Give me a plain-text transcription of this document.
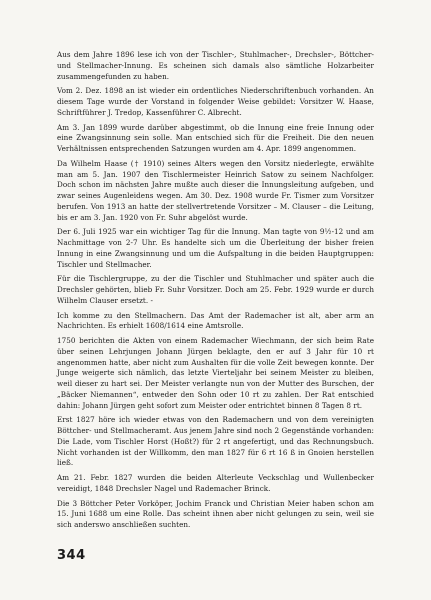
Aus dem Jahre 1896 lese ich von der Tischler-, Stuhlmacher-, Drechsler-, Böttcher- und Stellmacher-Innung. Es scheinen sich damals also sämtliche Holzarbeiter zusammengefunden zu haben.

Vom 2. Dez. 1898 an ist wieder ein ordentliches Niederschriftenbuch vorhanden. An diesem Tage wurde der Vorstand in folgender Weise gebildet: Vorsitzer W. Haase, Schriftführer J. Tredop, Kassenführer C. Albrecht.

Am 3. Jan 1899 wurde darüber abgestimmt, ob die Innung eine freie Innung oder eine Zwangsinnung sein solle. Man entschied sich für die Freiheit. Die den neuen Verhältnissen entsprechenden Satzungen wurden am 4. Apr. 1899 angenommen.

Da Wilhelm Haase († 1910) seines Alters wegen den Vorsitz niederlegte, erwählte man am 5. Jan. 1907 den Tischlermeister Heinrich Satow zu seinem Nachfolger. Doch schon im nächsten Jahre mußte auch dieser die Innungsleitung aufgeben, und zwar seines Augenleidens wegen. Am 30. Dez. 1908 wurde Fr. Tismer zum Vorsitzer berufen. Von 1913 an hatte der stellvertretende Vorsitzer – M. Clauser – die Leitung, bis er am 3. Jan. 1920 von Fr. Suhr abgelöst wurde.

Der 6. Juli 1925 war ein wichtiger Tag für die Innung. Man tagte von 9½-12 und am Nachmittage von 2-7 Uhr. Es handelte sich um die Überleitung der bisher freien Innung in eine Zwangsinnung und um die Aufspaltung in die beiden Hauptgruppen: Tischler und Stellmacher.

Für die Tischlergruppe, zu der die Tischler und Stuhlmacher und später auch die Drechsler gehörten, blieb Fr. Suhr Vorsitzer. Doch am 25. Febr. 1929 wurde er durch Wilhelm Clauser ersetzt. -

Ich komme zu den Stellmachern. Das Amt der Rademacher ist alt, aber arm an Nachrichten. Es erhielt 1608/1614 eine Amtsrolle.

1750 berichten die Akten von einem Rademacher Wiechmann, der sich beim Rate über seinen Lehrjungen Johann Jürgen beklagte, den er auf 3 Jahr für 10 rt angenommen hatte, aber nicht zum Aushalten für die volle Zeit bewegen konnte. Der Junge weigerte sich nämlich, das letzte Vierteljahr bei seinem Meister zu bleiben, weil dieser zu hart sei. Der Meister verlangte nun von der Mutter des Burschen, der „Bäcker Niemannen“, entweder den Sohn oder 10 rt zu zahlen. Der Rat entschied dahin: Johann Jürgen geht sofort zum Meister oder entrichtet binnen 8 Tagen 8 rt.

Erst 1827 höre ich wieder etwas von den Rademachern und von dem vereinigten Böttcher- und Stellmacheramt. Aus jenem Jahre sind noch 2 Gegenstände vorhanden: Die Lade, vom Tischler Horst (Hoßt?) für 2 rt angefertigt, und das Rechnungsbuch. Nicht vorhanden ist der Willkomm, den man 1827 für 6 rt 16 ß in Gnoien herstellen ließ.

Am 21. Febr. 1827 wurden die beiden Alterleute Veckschlag und Wullenbecker vereidigt, 1848 Drechsler Nagel und Rademacher Brinck.

Die 3 Böttcher Peter Vorköper, Jochim Franck und Christian Meier haben schon am 15. Juni 1688 um eine Rolle. Das scheint ihnen aber nicht gelungen zu sein, weil sie sich anderswo anschließen suchten.

344
